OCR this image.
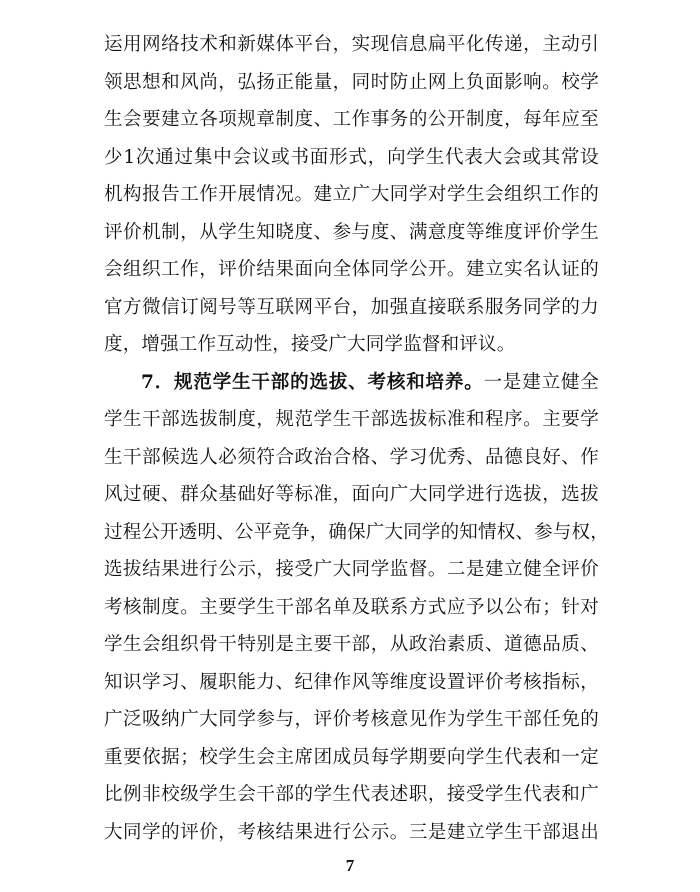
运用网络技术和新媒体平台，实现信息扁平化传递，主动引
领思想和风尚，弘扬正能量，同时防止网上负面影响。校学
生会要建立各项规章制度、工作事务的公开制度，每年应至
少1次通过集中会议或书面形式，向学生代表大会或其常设
机构报告工作开展情况。建立广大同学对学生会组织工作的
评价机制，从学生知晓度、参与度、满意度等维度评价学生
会组织工作，评价结果面向全体同学公开。建立实名认证的
官方微信订阅号等互联网平台，加强直接联系服务同学的力
度，增强工作互动性，接受广大同学监督和评议。
7．规范学生干部的选拔、考核和培养。一是建立健全
学生干部选拔制度，规范学生干部选拔标准和程序。主要学
生干部候选人必须符合政治合格、学习优秀、品德良好、作
风过硬、群众基础好等标准，面向广大同学进行选拔，选拔
过程公开透明、公平竞争，确保广大同学的知情权、参与权，
选拔结果进行公示，接受广大同学监督。二是建立健全评价
考核制度。主要学生干部名单及联系方式应予以公布；针对
学生会组织骨干特别是主要干部，从政治素质、道德品质、
知识学习、履职能力、纪律作风等维度设置评价考核指标，
广泛吸纳广大同学参与，评价考核意见作为学生干部任免的
重要依据；校学生会主席团成员每学期要向学生代表和一定
比例非校级学生会干部的学生代表述职，接受学生代表和广
大同学的评价，考核结果进行公示。三是建立学生干部退出
7
